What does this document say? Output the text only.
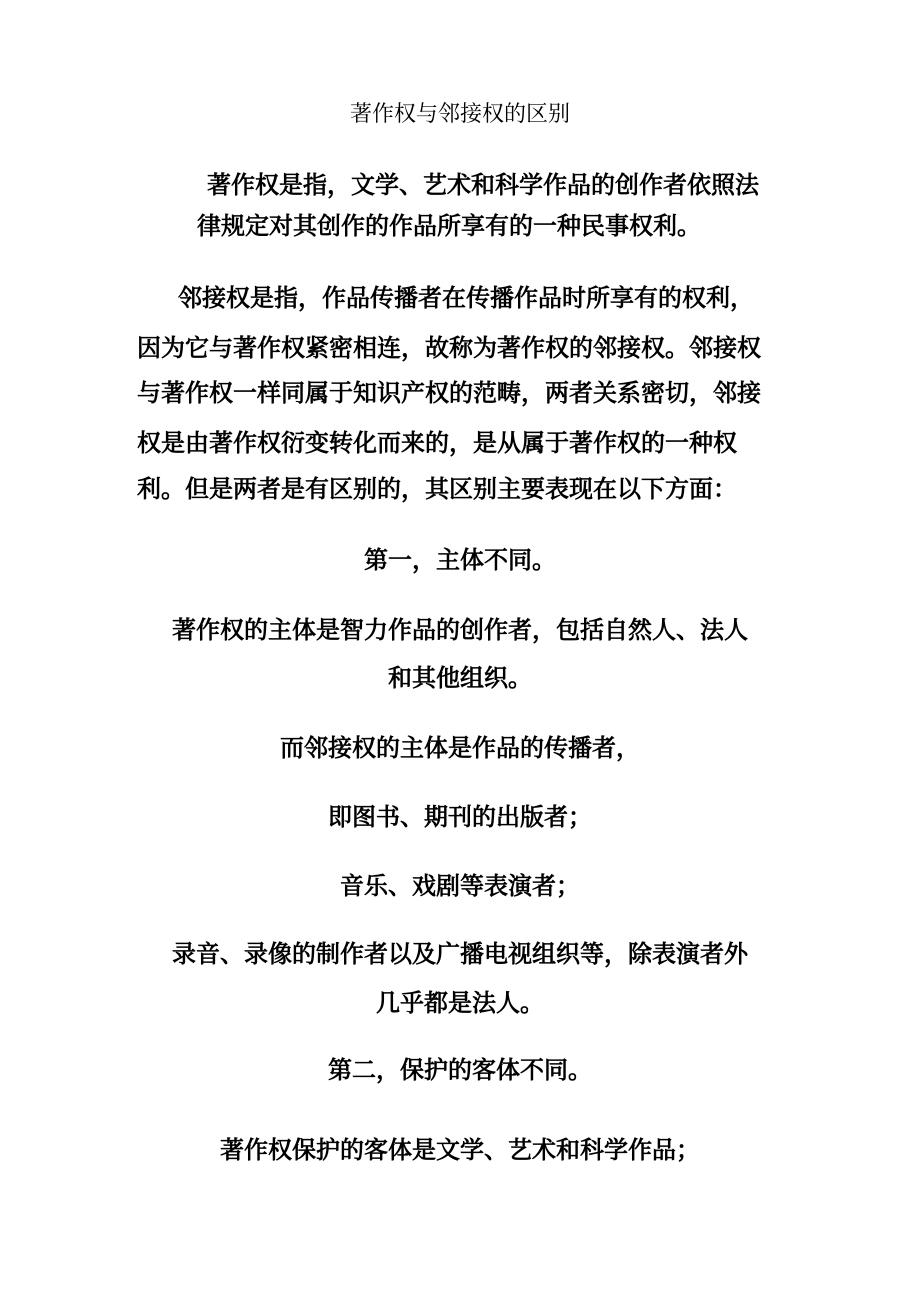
著作权与邻接权的区别
著作权是指，文学、艺术和科学作品的创作者依照法
律规定对其创作的作品所享有的一种民事权利。
邻接权是指，作品传播者在传播作品时所享有的权利，
因为它与著作权紧密相连，故称为著作权的邻接权。邻接权
与著作权一样同属于知识产权的范畴，两者关系密切，邻接
权是由著作权衍变转化而来的，是从属于著作权的一种权
利。但是两者是有区别的，其区别主要表现在以下方面：
第一，主体不同。
著作权的主体是智力作品的创作者，包括自然人、法人
和其他组织。
而邻接权的主体是作品的传播者，
即图书、期刊的出版者；
音乐、戏剧等表演者；
录音、录像的制作者以及广播电视组织等，除表演者外
几乎都是法人。
第二，保护的客体不同。
著作权保护的客体是文学、艺术和科学作品；
